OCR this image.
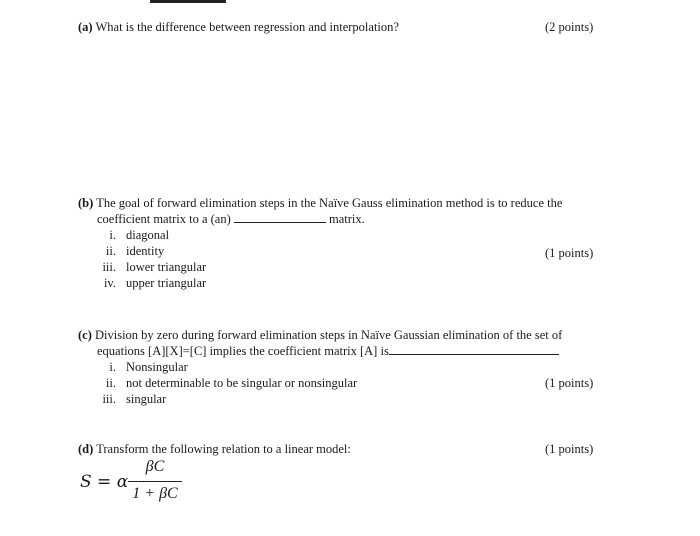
(a) What is the difference between regression and interpolation?	(2 points)
(b) The goal of forward elimination steps in the Naïve Gauss elimination method is to reduce the
coefficient matrix to a (an)	matrix.
i. diagonal
ii. identity
iii. lower triangular
iv. upper triangular
(1 points)
(c) Division by zero during forward elimination steps in Naïve Gaussian elimination of the set of
equations [A][X]=[C] implies the coefficient matrix [A] is
i. Nonsingular
ii. not determinable to be singular or nonsingular
iii. singular
(1 points)
(d) Transform the following relation to a linear model:	(1 points)
S = α
βC
1 + βC
